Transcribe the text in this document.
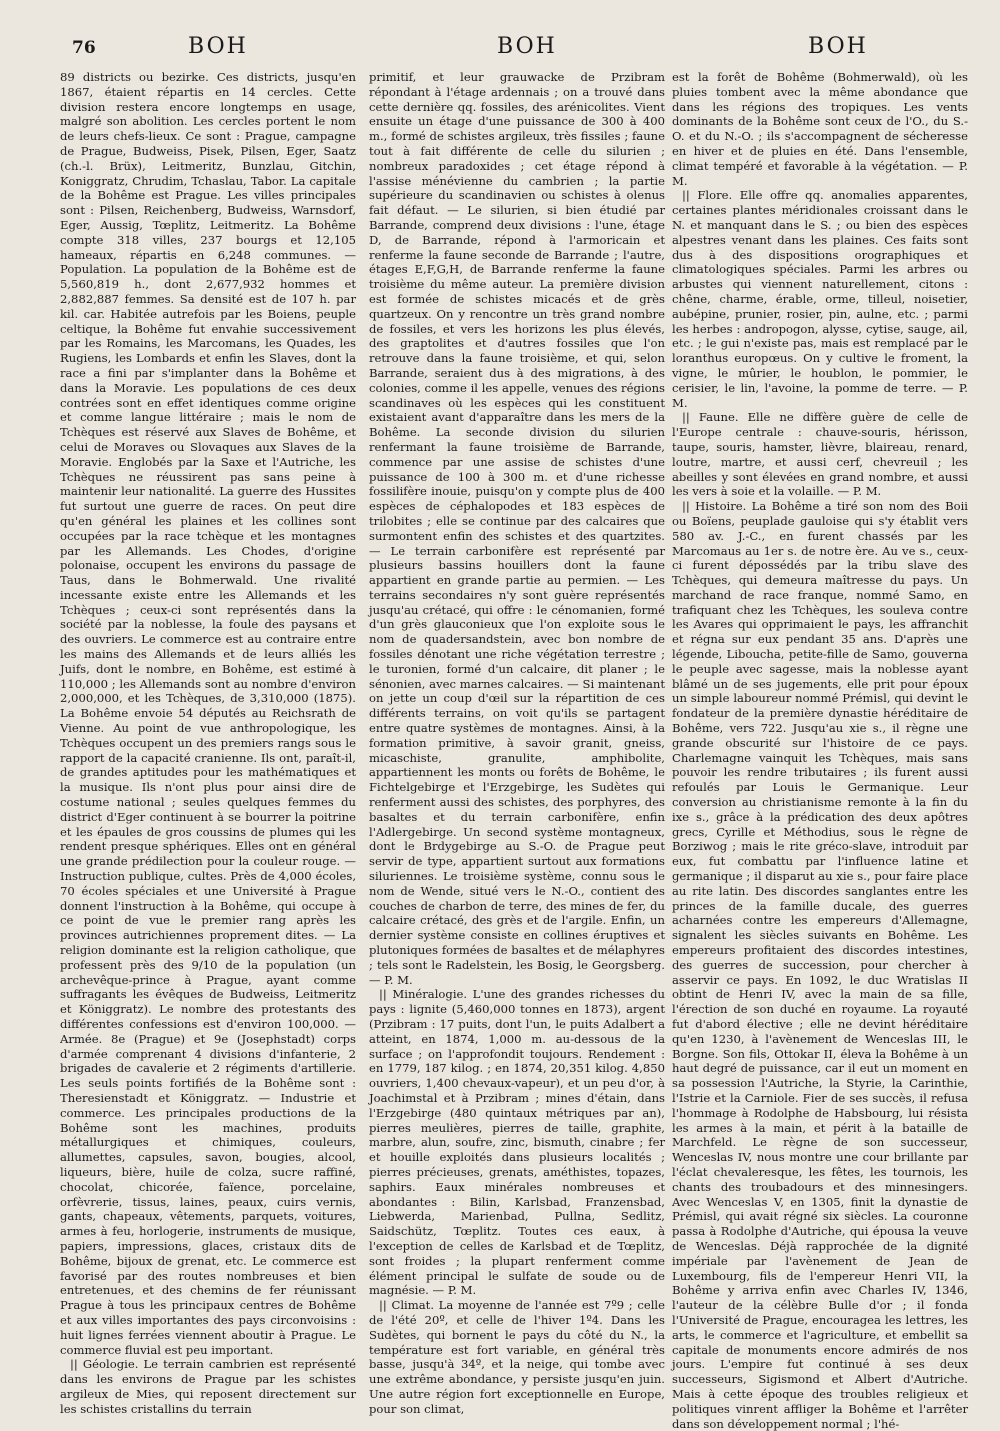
76	BOH	BOH	BOH

89 districts ou bezirke. Ces districts, jusqu'en 1867, étaient répartis en 14 cercles. Cette division restera encore longtemps en usage, malgré son abolition. Les cercles portent le nom de leurs chefs-lieux. Ce sont : Prague, campagne de Prague, Budweiss, Pisek, Pilsen, Eger, Saatz (ch.-l. Brüx), Leitmeritz, Bunzlau, Gitchin, Koniggratz, Chrudim, Tchaslau, Tabor. La capitale de la Bohême est Prague. Les villes principales sont : Pilsen, Reichenberg, Budweiss, Warnsdorf, Eger, Aussig, Tœplitz, Leitmeritz. La Bohême compte 318 villes, 237 bourgs et 12,105 hameaux, répartis en 6,248 communes. — Population. La population de la Bohême est de 5,560,819 h., dont 2,677,932 hommes et 2,882,887 femmes. Sa densité est de 107 h. par kil. car. Habitée autrefois par les Boiens, peuple celtique, la Bohême fut envahie successivement par les Romains, les Marcomans, les Quades, les Rugiens, les Lombards et enfin les Slaves, dont la race a fini par s'implanter dans la Bohême et dans la Moravie. Les populations de ces deux contrées sont en effet identiques comme origine et comme langue littéraire ; mais le nom de Tchèques est réservé aux Slaves de Bohême, et celui de Moraves ou Slovaques aux Slaves de la Moravie. Englobés par la Saxe et l'Autriche, les Tchèques ne réussirent pas sans peine à maintenir leur nationalité. La guerre des Hussites fut surtout une guerre de races. On peut dire qu'en général les plaines et les collines sont occupées par la race tchèque et les montagnes par les Allemands. Les Chodes, d'origine polonaise, occupent les environs du passage de Taus, dans le Bohmerwald. Une rivalité incessante existe entre les Allemands et les Tchèques ; ceux-ci sont représentés dans la société par la noblesse, la foule des paysans et des ouvriers. Le commerce est au contraire entre les mains des Allemands et de leurs alliés les Juifs, dont le nombre, en Bohême, est estimé à 110,000 ; les Allemands sont au nombre d'environ 2,000,000, et les Tchèques, de 3,310,000 (1875). La Bohême envoie 54 députés au Reichsrath de Vienne. Au point de vue anthropologique, les Tchèques occupent un des premiers rangs sous le rapport de la capacité cranienne. Ils ont, paraît-il, de grandes aptitudes pour les mathématiques et la musique. Ils n'ont plus pour ainsi dire de costume national ; seules quelques femmes du district d'Eger continuent à se bourrer la poitrine et les épaules de gros coussins de plumes qui les rendent presque sphériques. Elles ont en général une grande prédilection pour la couleur rouge. — Instruction publique, cultes. Près de 4,000 écoles, 70 écoles spéciales et une Université à Prague donnent l'instruction à la Bohême, qui occupe à ce point de vue le premier rang après les provinces autrichiennes proprement dites. — La religion dominante est la religion catholique, que professent près des 9/10 de la population (un archevêque-prince à Prague, ayant comme suffragants les évêques de Budweiss, Leitmeritz et Königgratz). Le nombre des protestants des différentes confessions est d'environ 100,000. — Armée. 8e (Prague) et 9e (Josephstadt) corps d'armée comprenant 4 divisions d'infanterie, 2 brigades de cavalerie et 2 régiments d'artillerie. Les seuls points fortifiés de la Bohême sont : Theresienstadt et Königgratz. — Industrie et commerce. Les principales productions de la Bohême sont les machines, produits métallurgiques et chimiques, couleurs, allumettes, capsules, savon, bougies, alcool, liqueurs, bière, huile de colza, sucre raffiné, chocolat, chicorée, faïence, porcelaine, orfèvrerie, tissus, laines, peaux, cuirs vernis, gants, chapeaux, vêtements, parquets, voitures, armes à feu, horlogerie, instruments de musique, papiers, impressions, glaces, cristaux dits de Bohême, bijoux de grenat, etc. Le commerce est favorisé par des routes nombreuses et bien entretenues, et des chemins de fer réunissant Prague à tous les principaux centres de Bohême et aux villes importantes des pays circonvoisins : huit lignes ferrées viennent aboutir à Prague. Le commerce fluvial est peu important.

|| Géologie. Le terrain cambrien est représenté dans les environs de Prague par les schistes argileux de Mies, qui reposent directement sur les schistes cristallins du terrain

primitif, et leur grauwacke de Przibram répondant à l'étage ardennais ; on a trouvé dans cette dernière qq. fossiles, des arénicolites. Vient ensuite un étage d'une puissance de 300 à 400 m., formé de schistes argileux, très fissiles ; faune tout à fait différente de celle du silurien ; nombreux paradoxides ; cet étage répond à l'assise ménévienne du cambrien ; la partie supérieure du scandinavien ou schistes à olenus fait défaut. — Le silurien, si bien étudié par Barrande, comprend deux divisions : l'une, étage D, de Barrande, répond à l'armoricain et renferme la faune seconde de Barrande ; l'autre, étages E,F,G,H, de Barrande renferme la faune troisième du même auteur. La première division est formée de schistes micacés et de grès quartzeux. On y rencontre un très grand nombre de fossiles, et vers les horizons les plus élevés, des graptolites et d'autres fossiles que l'on retrouve dans la faune troisième, et qui, selon Barrande, seraient dus à des migrations, à des colonies, comme il les appelle, venues des régions scandinaves où les espèces qui les constituent existaient avant d'apparaître dans les mers de la Bohême. La seconde division du silurien renfermant la faune troisième de Barrande, commence par une assise de schistes d'une puissance de 100 à 300 m. et d'une richesse fossilifère inouie, puisqu'on y compte plus de 400 espèces de céphalopodes et 183 espèces de trilobites ; elle se continue par des calcaires que surmontent enfin des schistes et des quartzites. — Le terrain carbonifère est représenté par plusieurs bassins houillers dont la faune appartient en grande partie au permien. — Les terrains secondaires n'y sont guère représentés jusqu'au crétacé, qui offre : le cénomanien, formé d'un grès glauconieux que l'on exploite sous le nom de quadersandstein, avec bon nombre de fossiles dénotant une riche végétation terrestre ; le turonien, formé d'un calcaire, dit planer ; le sénonien, avec marnes calcaires. — Si maintenant on jette un coup d'œil sur la répartition de ces différents terrains, on voit qu'ils se partagent entre quatre systèmes de montagnes. Ainsi, à la formation primitive, à savoir granit, gneiss, micaschiste, granulite, amphibolite, appartiennent les monts ou forêts de Bohême, le Fichtelgebirge et l'Erzgebirge, les Sudètes qui renferment aussi des schistes, des porphyres, des basaltes et du terrain carbonifère, enfin l'Adlergebirge. Un second système montagneux, dont le Brdygebirge au S.-O. de Prague peut servir de type, appartient surtout aux formations siluriennes. Le troisième système, connu sous le nom de Wende, situé vers le N.-O., contient des couches de charbon de terre, des mines de fer, du calcaire crétacé, des grès et de l'argile. Enfin, un dernier système consiste en collines éruptives et plutoniques formées de basaltes et de mélaphyres ; tels sont le Radelstein, les Bosig, le Georgsberg. — P. M.

|| Minéralogie. L'une des grandes richesses du pays : lignite (5,460,000 tonnes en 1873), argent (Przibram : 17 puits, dont l'un, le puits Adalbert a atteint, en 1874, 1,000 m. au-dessous de la surface ; on l'approfondit toujours. Rendement : en 1779, 187 kilog. ; en 1874, 20,351 kilog. 4,850 ouvriers, 1,400 chevaux-vapeur), et un peu d'or, à Joachimstal et à Przibram ; mines d'étain, dans l'Erzgebirge (480 quintaux métriques par an), pierres meulières, pierres de taille, graphite, marbre, alun, soufre, zinc, bismuth, cinabre ; fer et houille exploités dans plusieurs localités ; pierres précieuses, grenats, améthistes, topazes, saphirs. Eaux minérales nombreuses et abondantes : Bilin, Karlsbad, Franzensbad, Liebwerda, Marienbad, Pullna, Sedlitz, Saidschütz, Tœplitz. Toutes ces eaux, à l'exception de celles de Karlsbad et de Tœplitz, sont froides ; la plupart renferment comme élément principal le sulfate de soude ou de magnésie. — P. M.

|| Climat. La moyenne de l'année est 7º9 ; celle de l'été 20º, et celle de l'hiver 1º4. Dans les Sudètes, qui bornent le pays du côté du N., la température est fort variable, en général très basse, jusqu'à 34º, et la neige, qui tombe avec une extrême abondance, y persiste jusqu'en juin. Une autre région fort exceptionnelle en Europe, pour son climat,

est la forêt de Bohême (Bohmerwald), où les pluies tombent avec la même abondance que dans les régions des tropiques. Les vents dominants de la Bohême sont ceux de l'O., du S.-O. et du N.-O. ; ils s'accompagnent de sécheresse en hiver et de pluies en été. Dans l'ensemble, climat tempéré et favorable à la végétation. — P. M.

|| Flore. Elle offre qq. anomalies apparentes, certaines plantes méridionales croissant dans le N. et manquant dans le S. ; ou bien des espèces alpestres venant dans les plaines. Ces faits sont dus à des dispositions orographiques et climatologiques spéciales. Parmi les arbres ou arbustes qui viennent naturellement, citons : chêne, charme, érable, orme, tilleul, noisetier, aubépine, prunier, rosier, pin, aulne, etc. ; parmi les herbes : andropogon, alysse, cytise, sauge, ail, etc. ; le gui n'existe pas, mais est remplacé par le loranthus europœus. On y cultive le froment, la vigne, le mûrier, le houblon, le pommier, le cerisier, le lin, l'avoine, la pomme de terre. — P. M.

|| Faune. Elle ne diffère guère de celle de l'Europe centrale : chauve-souris, hérisson, taupe, souris, hamster, lièvre, blaireau, renard, loutre, martre, et aussi cerf, chevreuil ; les abeilles y sont élevées en grand nombre, et aussi les vers à soie et la volaille. — P. M.

|| Histoire. La Bohême a tiré son nom des Boii ou Boïens, peuplade gauloise qui s'y établit vers 580 av. J.-C., en furent chassés par les Marcomaus au 1er s. de notre ère. Au ve s., ceux-ci furent dépossédés par la tribu slave des Tchèques, qui demeura maîtresse du pays. Un marchand de race franque, nommé Samo, en trafiquant chez les Tchèques, les souleva contre les Avares qui opprimaient le pays, les affranchit et régna sur eux pendant 35 ans. D'après une légende, Libouchа, petite-fille de Samo, gouverna le peuple avec sagesse, mais la noblesse ayant blâmé un de ses jugements, elle prit pour époux un simple laboureur nommé Prémisl, qui devint le fondateur de la première dynastie héréditaire de Bohême, vers 722. Jusqu'au xie s., il règne une grande obscurité sur l'histoire de ce pays. Charlemagne vainquit les Tchèques, mais sans pouvoir les rendre tributaires ; ils furent aussi refoulés par Louis le Germanique. Leur conversion au christianisme remonte à la fin du ixe s., grâce à la prédication des deux apôtres grecs, Cyrille et Méthodius, sous le règne de Borziwog ; mais le rite gréco-slave, introduit par eux, fut combattu par l'influence latine et germanique ; il disparut au xie s., pour faire place au rite latin. Des discordes sanglantes entre les princes de la famille ducale, des guerres acharnées contre les empereurs d'Allemagne, signalent les siècles suivants en Bohême. Les empereurs profitaient des discordes intestines, des guerres de succession, pour chercher à asservir ce pays. En 1092, le duc Wratislas II obtint de Henri IV, avec la main de sa fille, l'érection de son duché en royaume. La royauté fut d'abord élective ; elle ne devint héréditaire qu'en 1230, à l'avènement de Wenceslas III, le Borgne. Son fils, Ottokar II, éleva la Bohême à un haut degré de puissance, car il eut un moment en sa possession l'Autriche, la Styrie, la Carinthie, l'Istrie et la Carniole. Fier de ses succès, il refusa l'hommage à Rodolphe de Habsbourg, lui résista les armes à la main, et périt à la bataille de Marchfeld. Le règne de son successeur, Wenceslas IV, nous montre une cour brillante par l'éclat chevaleresque, les fêtes, les tournois, les chants des troubadours et des minnesingers. Avec Wenceslas V, en 1305, finit la dynastie de Prémisl, qui avait régné six siècles. La couronne passa à Rodolphe d'Autriche, qui épousa la veuve de Wenceslas. Déjà rapprochée de la dignité impériale par l'avènement de Jean de Luxembourg, fils de l'empereur Henri VII, la Bohême y arriva enfin avec Charles IV, 1346, l'auteur de la célèbre Bulle d'or ; il fonda l'Université de Prague, encouragea les lettres, les arts, le commerce et l'agriculture, et embellit sa capitale de monuments encore admirés de nos jours. L'empire fut continué à ses deux successeurs, Sigismond et Albert d'Autriche. Mais à cette époque des troubles religieux et politiques vinrent affliger la Bohême et l'arrêter dans son développement normal ; l'hé-
